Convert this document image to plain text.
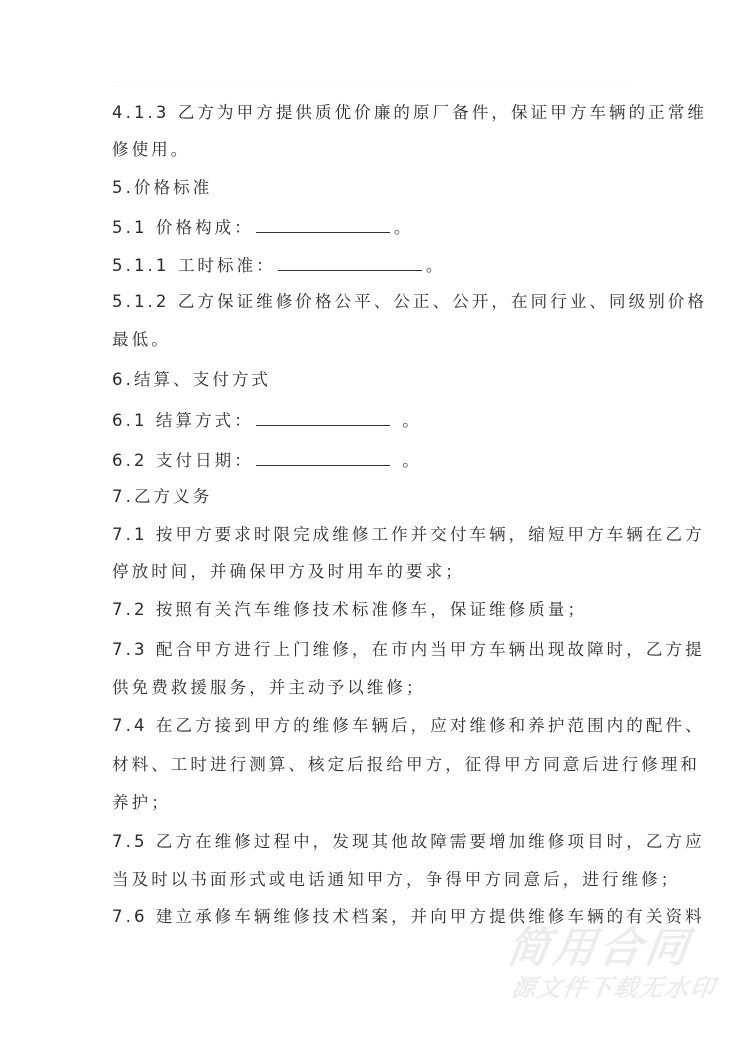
4.1.3 乙方为甲方提供质优价廉的原厂备件，保证甲方车辆的正常维
修使用。
5.价格标准
5.1 价格构成：	。
5.1.1 工时标准：	。
5.1.2 乙方保证维修价格公平、公正、公开，在同行业、同级别价格
最低。
6.结算、支付方式
6.1 结算方式：	。
6.2 支付日期：	。
7.乙方义务
7.1 按甲方要求时限完成维修工作并交付车辆，缩短甲方车辆在乙方
停放时间，并确保甲方及时用车的要求；
7.2 按照有关汽车维修技术标准修车，保证维修质量；
7.3 配合甲方进行上门维修，在市内当甲方车辆出现故障时，乙方提
供免费救援服务，并主动予以维修；
7.4 在乙方接到甲方的维修车辆后，应对维修和养护范围内的配件、
材料、工时进行测算、核定后报给甲方，征得甲方同意后进行修理和
养护；
7.5 乙方在维修过程中，发现其他故障需要增加维修项目时，乙方应
当及时以书面形式或电话通知甲方，争得甲方同意后，进行维修；
7.6 建立承修车辆维修技术档案，并向甲方提供维修车辆的有关资料
简用合同
源文件下载无水印
